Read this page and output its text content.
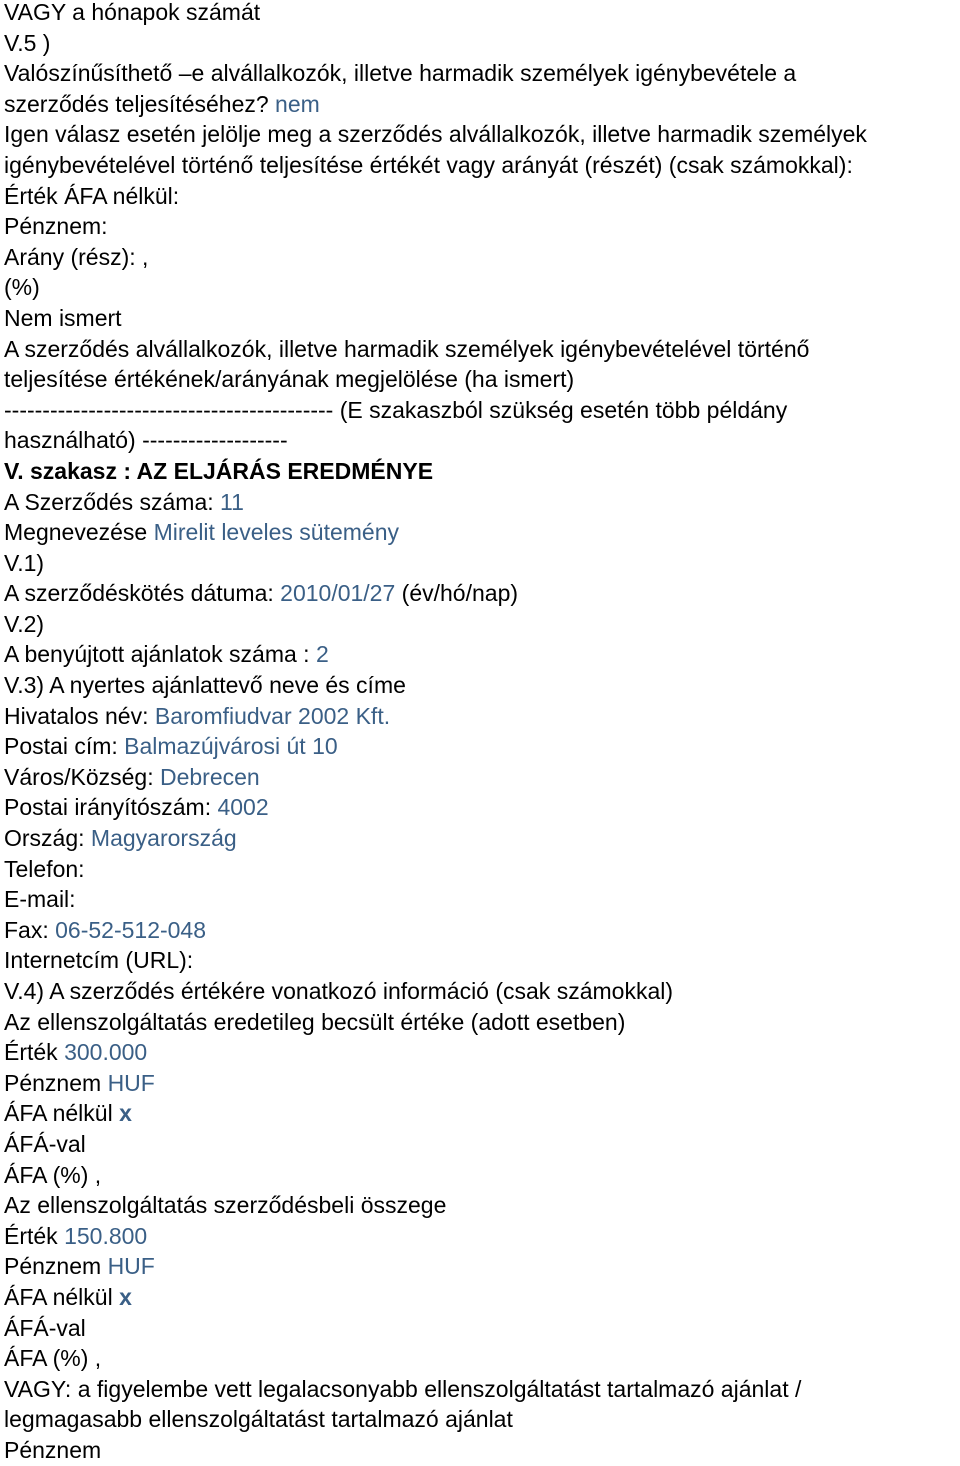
VAGY a hónapok számát
V.5 )
Valószínűsíthető –e alvállalkozók, illetve harmadik személyek igénybevétele a
szerződés teljesítéséhez? nem
Igen válasz esetén jelölje meg a szerződés alvállalkozók, illetve harmadik személyek
igénybevételével történő teljesítése értékét vagy arányát (részét) (csak számokkal):
Érték ÁFA nélkül:
Pénznem:
Arány (rész): ,
(%)
Nem ismert
A szerződés alvállalkozók, illetve harmadik személyek igénybevételével történő
teljesítése értékének/arányának megjelölése (ha ismert)
------------------------------------------- (E szakaszból szükség esetén több példány
használható) -------------------
V. szakasz : AZ ELJÁRÁS EREDMÉNYE
A Szerződés száma: 11
Megnevezése Mirelit leveles sütemény
V.1)
A szerződéskötés dátuma: 2010/01/27 (év/hó/nap)
V.2)
A benyújtott ajánlatok száma : 2
V.3) A nyertes ajánlattevő neve és címe
Hivatalos név: Baromfiudvar 2002 Kft.
Postai cím: Balmazújvárosi út 10
Város/Község: Debrecen
Postai irányítószám: 4002
Ország: Magyarország
Telefon:
E-mail:
Fax: 06-52-512-048
Internetcím (URL):
V.4) A szerződés értékére vonatkozó információ (csak számokkal)
Az ellenszolgáltatás eredetileg becsült értéke (adott esetben)
Érték 300.000
Pénznem HUF
ÁFA nélkül x
ÁFÁ-val
ÁFA (%) ,
Az ellenszolgáltatás szerződésbeli összege
Érték 150.800
Pénznem HUF
ÁFA nélkül x
ÁFÁ-val
ÁFA (%) ,
VAGY: a figyelembe vett legalacsonyabb ellenszolgáltatást tartalmazó ajánlat /
legmagasabb ellenszolgáltatást tartalmazó ajánlat
Pénznem
